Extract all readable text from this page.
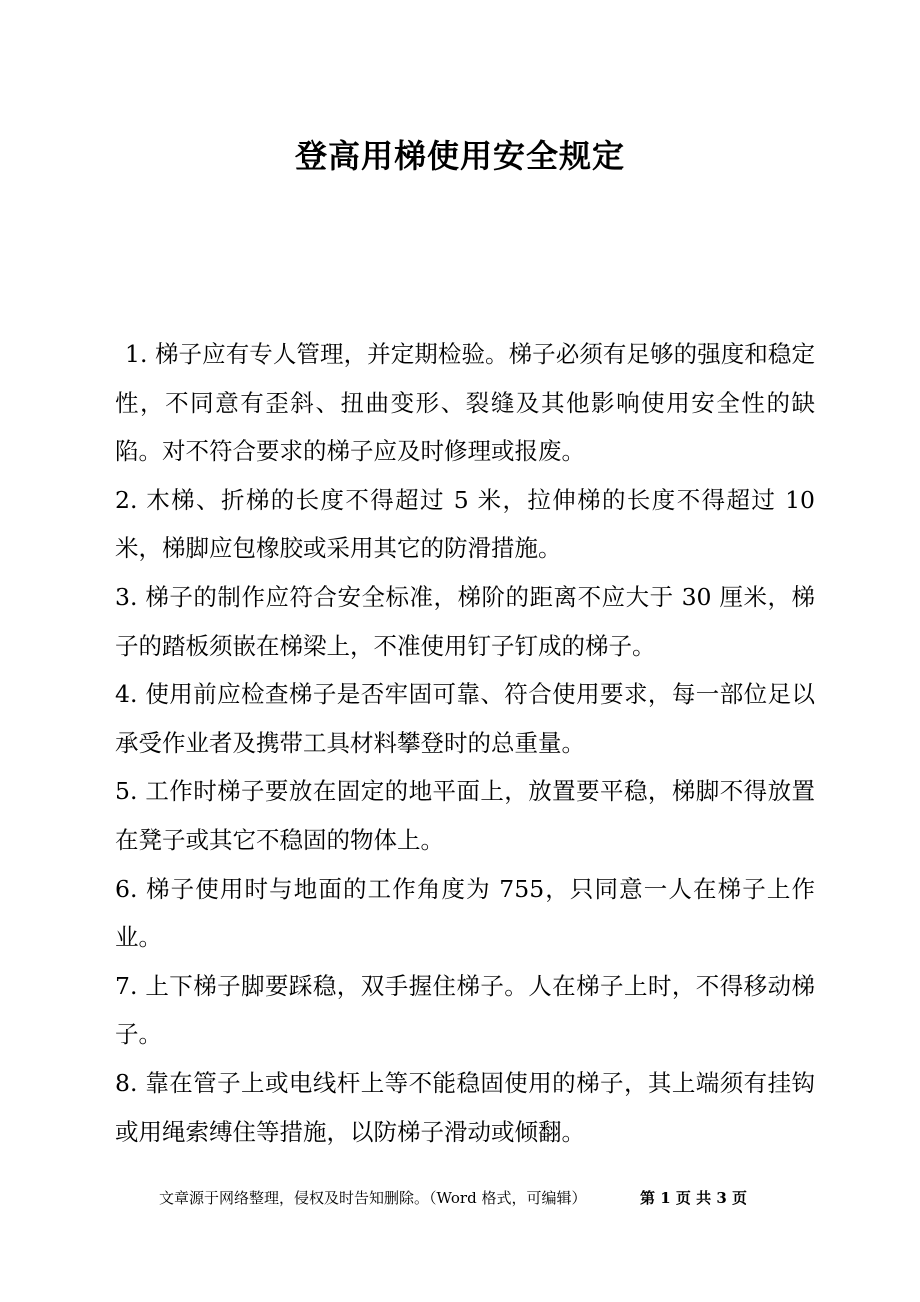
登高用梯使用安全规定

1. 梯子应有专人管理，并定期检验。梯子必须有足够的强度和稳定性，不同意有歪斜、扭曲变形、裂缝及其他影响使用安全性的缺陷。对不符合要求的梯子应及时修理或报废。

2. 木梯、折梯的长度不得超过 5 米，拉伸梯的长度不得超过 10 米，梯脚应包橡胶或采用其它的防滑措施。

3. 梯子的制作应符合安全标准，梯阶的距离不应大于 30 厘米，梯子的踏板须嵌在梯梁上，不准使用钉子钉成的梯子。

4. 使用前应检查梯子是否牢固可靠、符合使用要求，每一部位足以承受作业者及携带工具材料攀登时的总重量。

5. 工作时梯子要放在固定的地平面上，放置要平稳，梯脚不得放置在凳子或其它不稳固的物体上。

6. 梯子使用时与地面的工作角度为 755，只同意一人在梯子上作业。

7. 上下梯子脚要踩稳，双手握住梯子。人在梯子上时，不得移动梯子。

8. 靠在管子上或电线杆上等不能稳固使用的梯子，其上端须有挂钩或用绳索缚住等措施，以防梯子滑动或倾翻。

文章源于网络整理，侵权及时告知删除。（Word 格式，可编辑）	第 1 页 共 3 页
